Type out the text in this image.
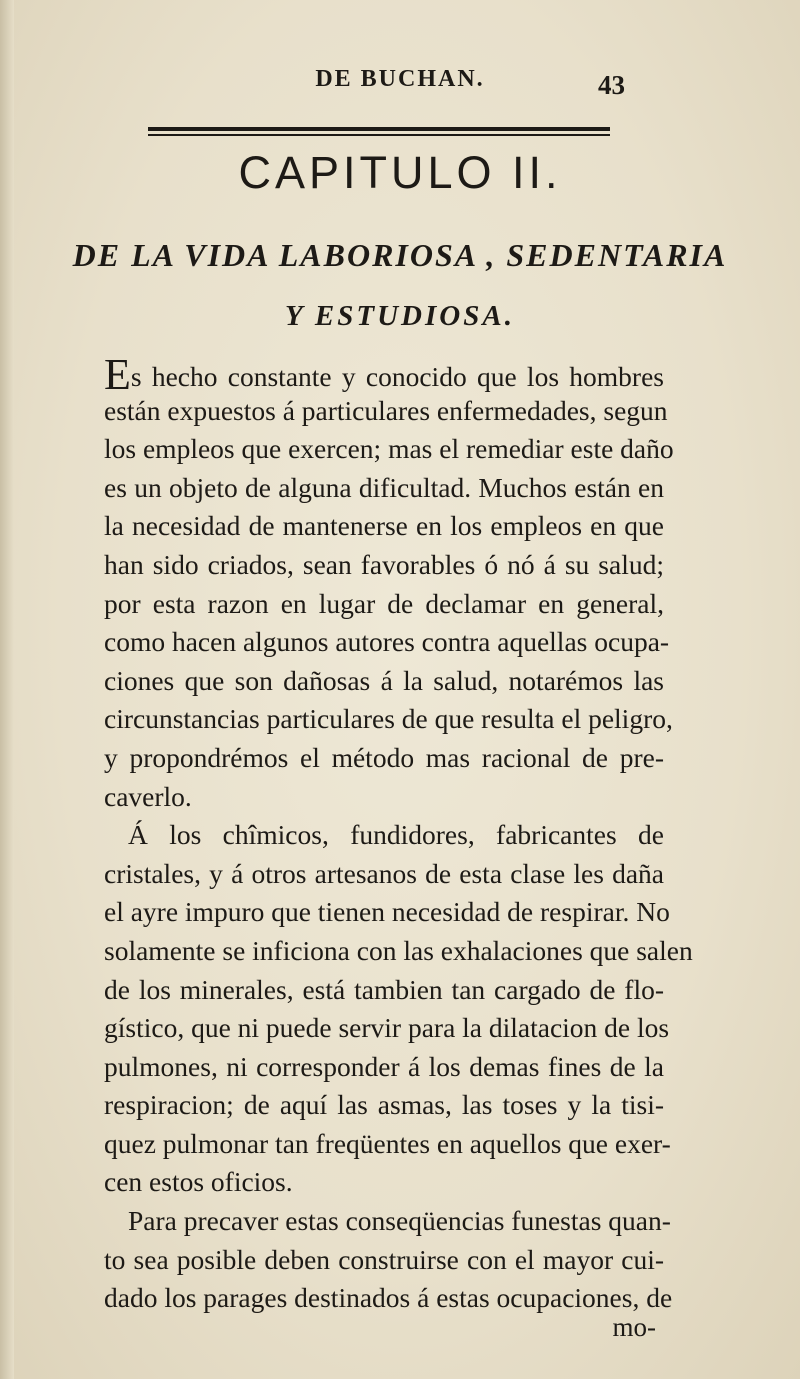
DE BUCHAN.	43
CAPITULO II.
DE LA VIDA LABORIOSA , SEDENTARIA
Y ESTUDIOSA.
Es hecho constante y conocido que los hombres
están expuestos á particulares enfermedades, segun
los empleos que exercen; mas el remediar este daño
es un objeto de alguna dificultad. Muchos están en
la necesidad de mantenerse en los empleos en que
han sido criados, sean favorables ó nó á su salud;
por esta razon en lugar de declamar en general,
como hacen algunos autores contra aquellas ocupa-
ciones que son dañosas á la salud, notarémos las
circunstancias particulares de que resulta el peligro,
y propondrémos el método mas racional de pre-
caverlo.
Á los chîmicos, fundidores, fabricantes de
cristales, y á otros artesanos de esta clase les daña
el ayre impuro que tienen necesidad de respirar. No
solamente se inficiona con las exhalaciones que salen
de los minerales, está tambien tan cargado de flo-
gístico, que ni puede servir para la dilatacion de los
pulmones, ni corresponder á los demas fines de la
respiracion; de aquí las asmas, las toses y la tisi-
quez pulmonar tan freqüentes en aquellos que exer-
cen estos oficios.
Para precaver estas conseqüencias funestas quan-
to sea posible deben construirse con el mayor cui-
dado los parages destinados á estas ocupaciones, de
mo-
